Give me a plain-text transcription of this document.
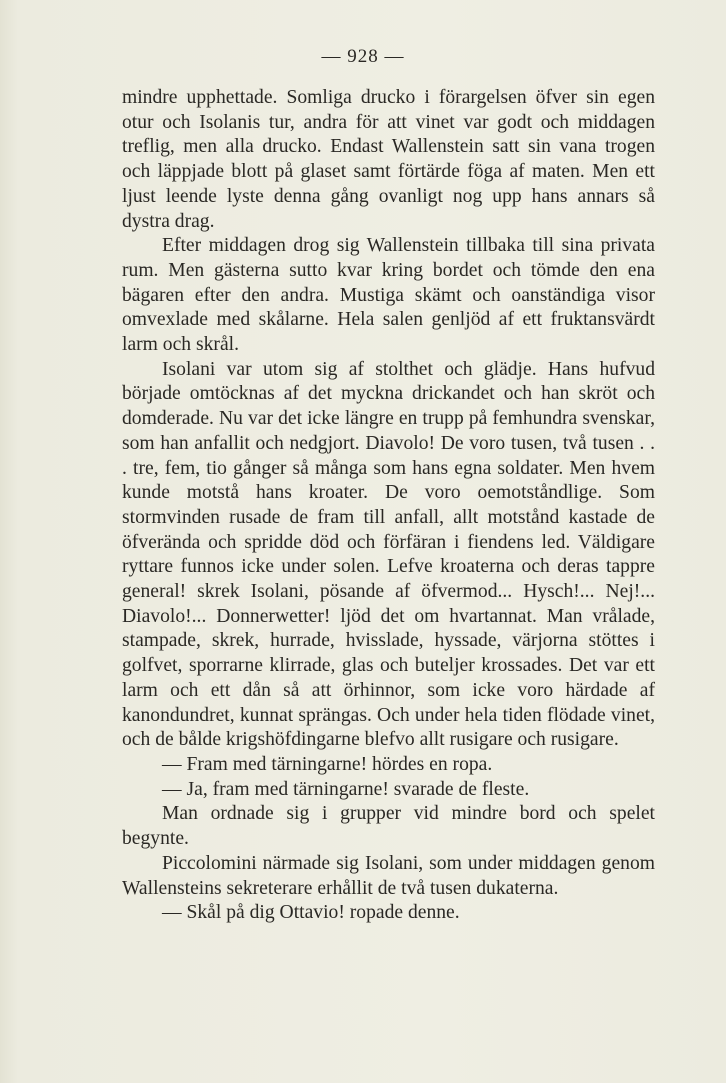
— 928 —

mindre upphettade. Somliga drucko i förargelsen öfver sin egen otur och Isolanis tur, andra för att vinet var godt och middagen treflig, men alla drucko. Endast Wallenstein satt sin vana trogen och läppjade blott på glaset samt förtärde föga af maten. Men ett ljust leende lyste denna gång ovanligt nog upp hans annars så dystra drag.

Efter middagen drog sig Wallenstein tillbaka till sina privata rum. Men gästerna sutto kvar kring bordet och tömde den ena bägaren efter den andra. Mustiga skämt och oanständiga visor omvexlade med skålarne. Hela salen genljöd af ett fruktansvärdt larm och skrål.

Isolani var utom sig af stolthet och glädje. Hans hufvud började omtöcknas af det myckna drickandet och han skröt och domderade. Nu var det icke längre en trupp på femhundra svenskar, som han anfallit och nedgjort. Diavolo! De voro tusen, två tusen . . . tre, fem, tio gånger så många som hans egna soldater. Men hvem kunde motstå hans kroater. De voro oemotståndlige. Som stormvinden rusade de fram till anfall, allt motstånd kastade de öfverända och spridde död och förfäran i fiendens led. Väldigare ryttare funnos icke under solen. Lefve kroaterna och deras tappre general! skrek Isolani, pösande af öfvermod... Hysch!... Nej!... Diavolo!... Donnerwetter! ljöd det om hvartannat. Man vrålade, stampade, skrek, hurrade, hvisslade, hyssade, värjorna stöttes i golfvet, sporrarne klirrade, glas och buteljer krossades. Det var ett larm och ett dån så att örhinnor, som icke voro härdade af kanondundret, kunnat sprängas. Och under hela tiden flödade vinet, och de bålde krigshöfdingarne blefvo allt rusigare och rusigare.

— Fram med tärningarne! hördes en ropa.

— Ja, fram med tärningarne! svarade de fleste.

Man ordnade sig i grupper vid mindre bord och spelet begynte.

Piccolomini närmade sig Isolani, som under middagen genom Wallensteins sekreterare erhållit de två tusen dukaterna.

— Skål på dig Ottavio! ropade denne.
